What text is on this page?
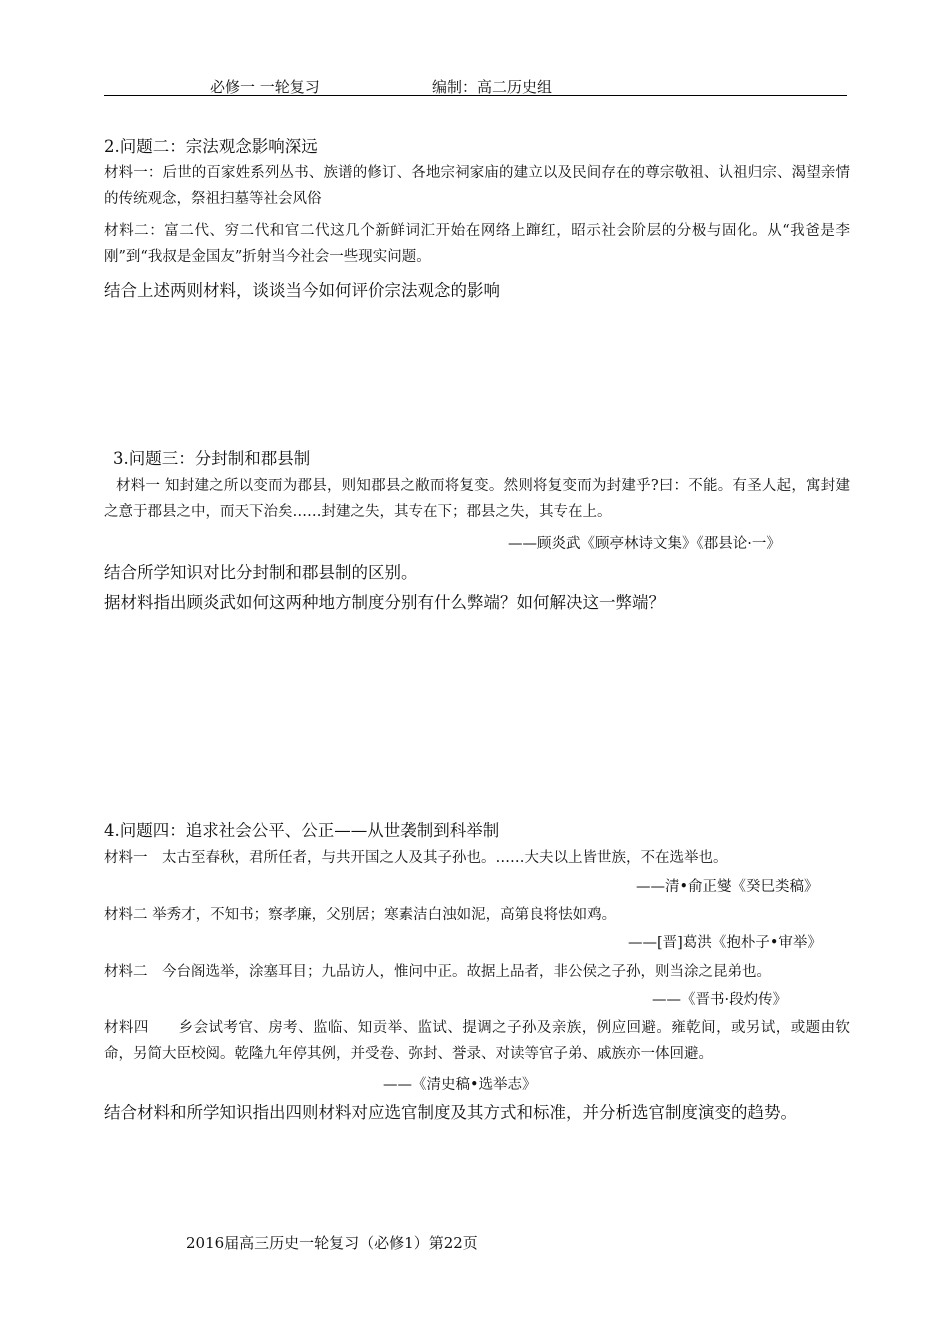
必修一 一轮复习	编制：高二历史组
2.问题二：宗法观念影响深远
材料一：后世的百家姓系列丛书、族谱的修订、各地宗祠家庙的建立以及民间存在的尊宗敬祖、认祖归宗、渴望亲情的传统观念，祭祖扫墓等社会风俗
材料二：富二代、穷二代和官二代这几个新鲜词汇开始在网络上蹿红，昭示社会阶层的分极与固化。从“我爸是李刚”到“我叔是金国友”折射当今社会一些现实问题。
结合上述两则材料，谈谈当今如何评价宗法观念的影响
3.问题三：分封制和郡县制
材料一 知封建之所以变而为郡县，则知郡县之敝而将复变。然则将复变而为封建乎?曰：不能。有圣人起，寓封建之意于郡县之中，而天下治矣……封建之失，其专在下；郡县之失，其专在上。
——顾炎武《顾亭林诗文集》《郡县论·一》
结合所学知识对比分封制和郡县制的区别。
据材料指出顾炎武如何这两种地方制度分别有什么弊端？如何解决这一弊端？
4.问题四：追求社会公平、公正——从世袭制到科举制
材料一　太古至春秋，君所任者，与共开国之人及其子孙也。……大夫以上皆世族，不在选举也。
——清•俞正燮《癸巳类稿》
材料二 举秀才，不知书；察孝廉，父别居；寒素洁白浊如泥，高第良将怯如鸡。
——[晋]葛洪《抱朴子•审举》
材料二　今台阁选举，涂塞耳目；九品访人，惟问中正。故据上品者，非公侯之子孙，则当涂之昆弟也。
——《晋书·段灼传》
材料四　　乡会试考官、房考、监临、知贡举、监试、提调之子孙及亲族，例应回避。雍乾间，或另试，或题由钦命，另简大臣校阅。乾隆九年停其例，并受卷、弥封、誉录、对读等官子弟、戚族亦一体回避。
——《清史稿•选举志》
结合材料和所学知识指出四则材料对应选官制度及其方式和标准，并分析选官制度演变的趋势。
2016届高三历史一轮复习（必修1）第22页
